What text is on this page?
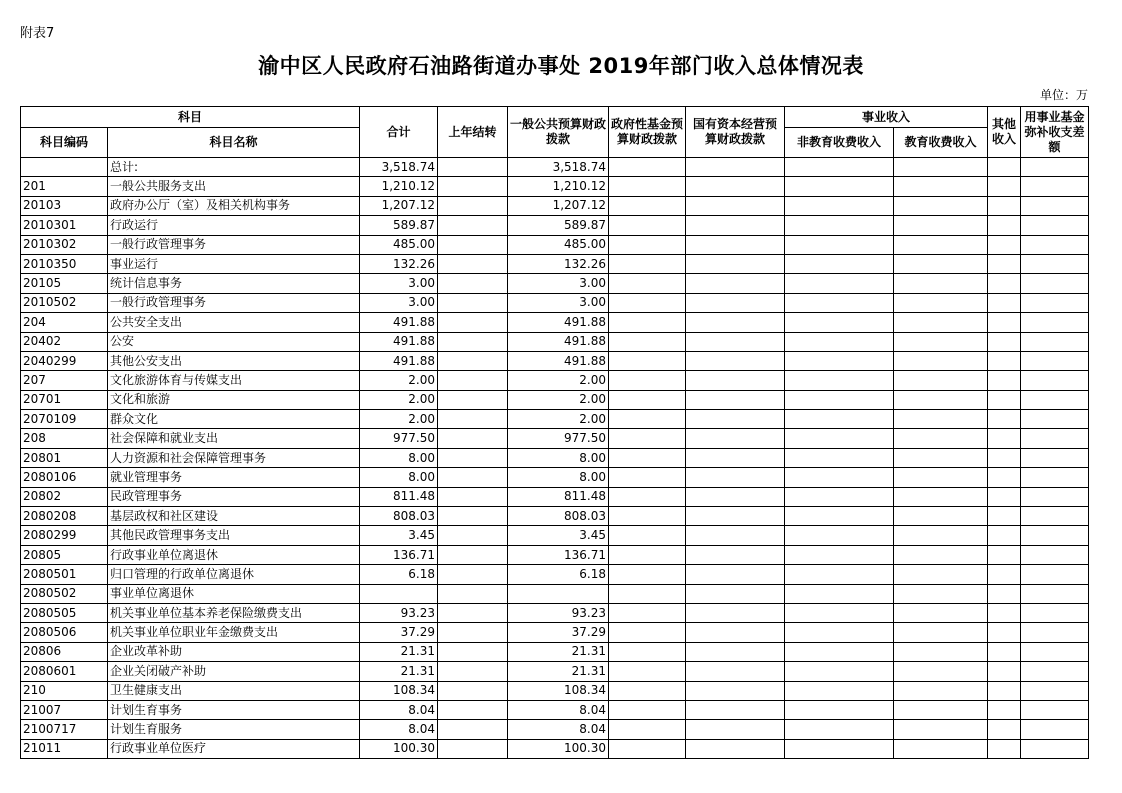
附表7
渝中区人民政府石油路街道办事处 2019年部门收入总体情况表
单位：万
科目		合计	上年结转	一般公共预算财政拨款	政府性基金预算财政拨款	国有资本经营预算财政拨款	事业收入		其他收入	用事业基金弥补收支差额
科目编码	科目名称						非教育收费收入	教育收费收入		
	总计:	3,518.74		3,518.74						
201	一般公共服务支出	1,210.12		1,210.12						
20103	政府办公厅（室）及相关机构事务	1,207.12		1,207.12						
2010301	行政运行	589.87		589.87						
2010302	一般行政管理事务	485.00		485.00						
2010350	事业运行	132.26		132.26						
20105	统计信息事务	3.00		3.00						
2010502	一般行政管理事务	3.00		3.00						
204	公共安全支出	491.88		491.88						
20402	公安	491.88		491.88						
2040299	其他公安支出	491.88		491.88						
207	文化旅游体育与传媒支出	2.00		2.00						
20701	文化和旅游	2.00		2.00						
2070109	群众文化	2.00		2.00						
208	社会保障和就业支出	977.50		977.50						
20801	人力资源和社会保障管理事务	8.00		8.00						
2080106	就业管理事务	8.00		8.00						
20802	民政管理事务	811.48		811.48						
2080208	基层政权和社区建设	808.03		808.03						
2080299	其他民政管理事务支出	3.45		3.45						
20805	行政事业单位离退休	136.71		136.71						
2080501	归口管理的行政单位离退休	6.18		6.18						
2080502	事业单位离退休									
2080505	机关事业单位基本养老保险缴费支出	93.23		93.23						
2080506	机关事业单位职业年金缴费支出	37.29		37.29						
20806	企业改革补助	21.31		21.31						
2080601	企业关闭破产补助	21.31		21.31						
210	卫生健康支出	108.34		108.34						
21007	计划生育事务	8.04		8.04						
2100717	计划生育服务	8.04		8.04						
21011	行政事业单位医疗	100.30		100.30						
